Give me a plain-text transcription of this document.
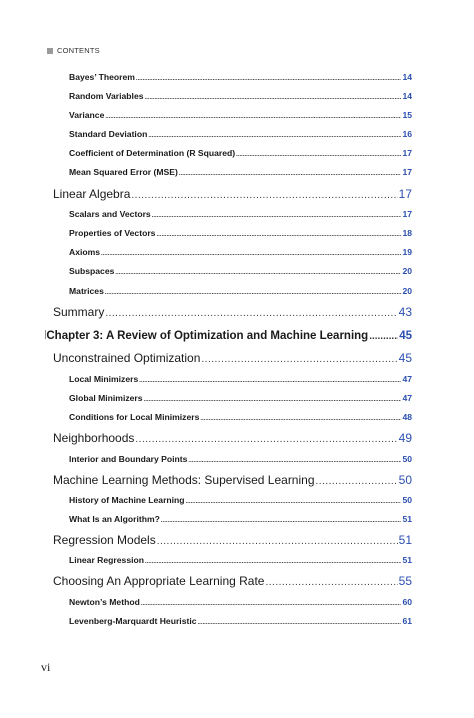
CONTENTS
Bayes’ Theorem .....	14
Random Variables .....	14
Variance .....	15
Standard Deviation .....	16
Coefficient of Determination (R Squared) .....	17
Mean Squared Error (MSE) .....	17
Linear Algebra .....	17
Scalars and Vectors .....	17
Properties of Vectors .....	18
Axioms .....	19
Subspaces .....	20
Matrices .....	20
Summary .....	43
Chapter 3: A Review of Optimization and Machine Learning .....	45
Unconstrained Optimization .....	45
Local Minimizers .....	47
Global Minimizers .....	47
Conditions for Local Minimizers .....	48
Neighborhoods .....	49
Interior and Boundary Points .....	50
Machine Learning Methods: Supervised Learning .....	50
History of Machine Learning .....	50
What Is an Algorithm? .....	51
Regression Models .....	51
Linear Regression .....	51
Choosing An Appropriate Learning Rate .....	55
Newton’s Method .....	60
Levenberg-Marquardt Heuristic .....	61
vi
